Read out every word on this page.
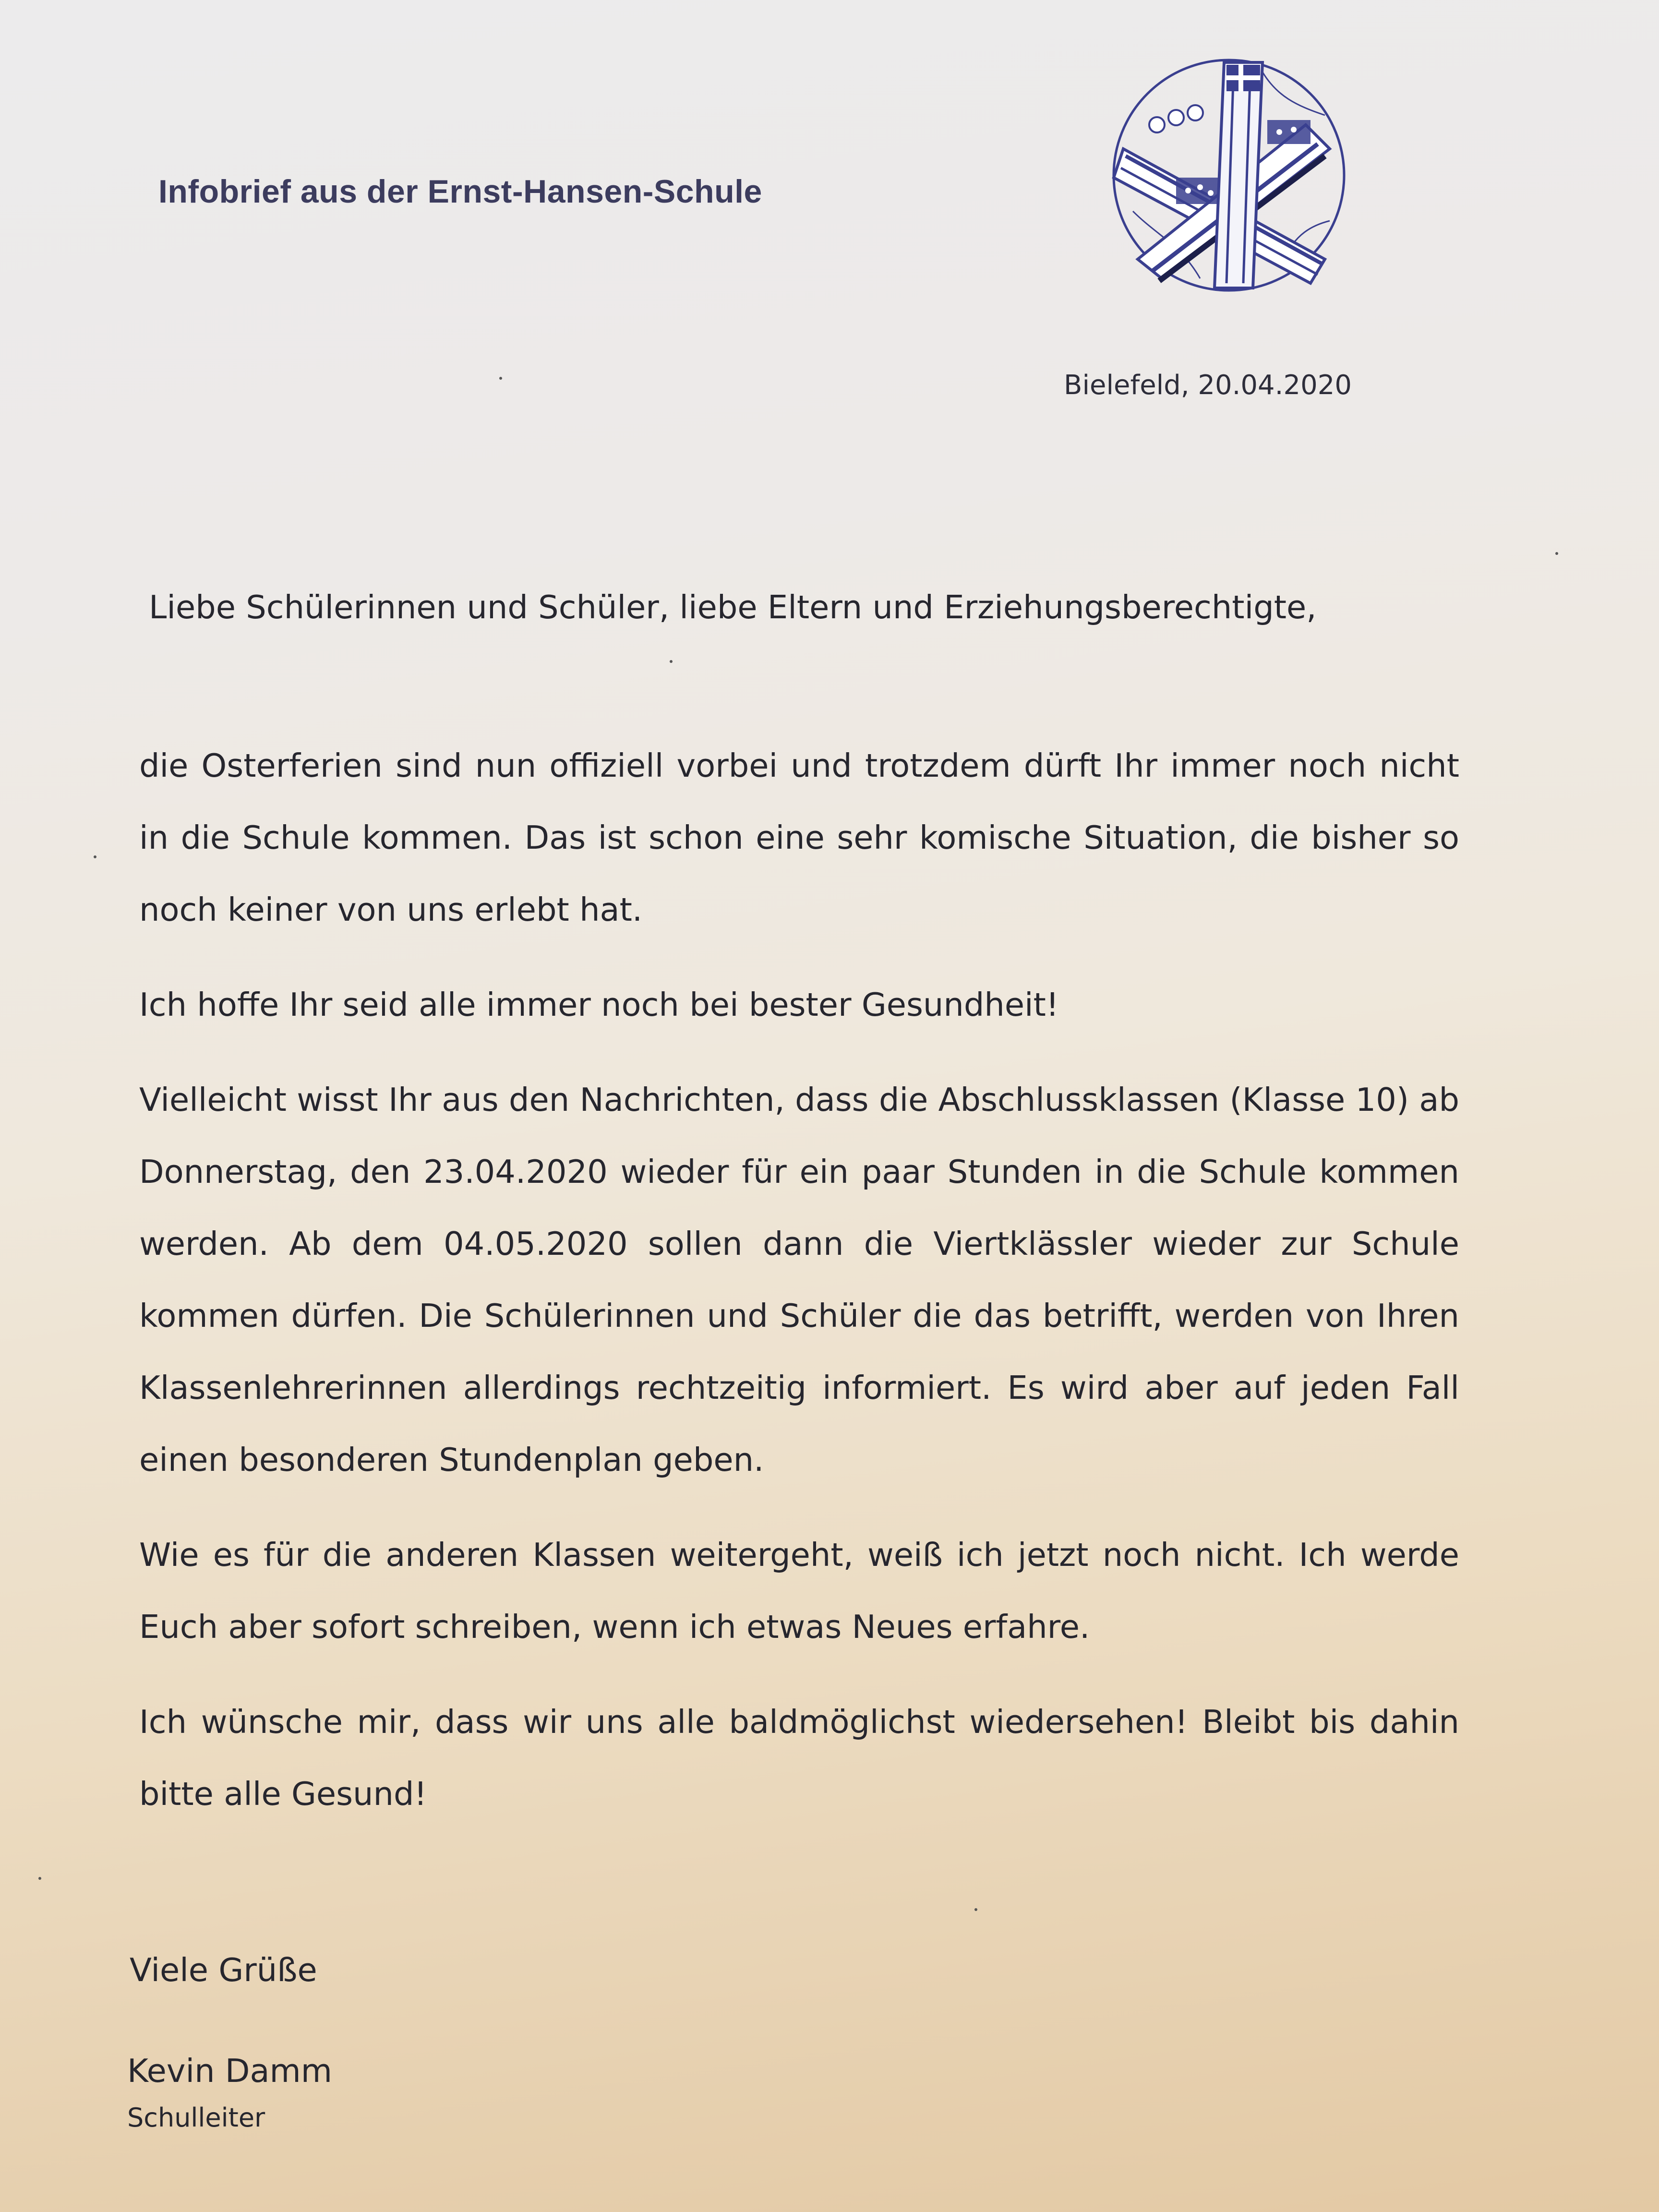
Infobrief aus der Ernst-Hansen-Schule
Bielefeld, 20.04.2020
Liebe Schülerinnen und Schüler, liebe Eltern und Erziehungsberechtigte,

die Osterferien sind nun offiziell vorbei und trotzdem dürft Ihr immer noch nicht in die Schule kommen. Das ist schon eine sehr komische Situation, die bisher so noch keiner von uns erlebt hat.

Ich hoffe Ihr seid alle immer noch bei bester Gesundheit!

Vielleicht wisst Ihr aus den Nachrichten, dass die Abschlussklassen (Klasse 10) ab Donnerstag, den 23.04.2020 wieder für ein paar Stunden in die Schule kommen werden. Ab dem 04.05.2020 sollen dann die Viertklässler wieder zur Schule kommen dürfen. Die Schülerinnen und Schüler die das betrifft, werden von Ihren Klassenlehrerinnen allerdings rechtzeitig informiert. Es wird aber auf jeden Fall einen besonderen Stundenplan geben.

Wie es für die anderen Klassen weitergeht, weiß ich jetzt noch nicht. Ich werde Euch aber sofort schreiben, wenn ich etwas Neues erfahre.

Ich wünsche mir, dass wir uns alle baldmöglichst wiedersehen! Bleibt bis dahin bitte alle Gesund!

Viele Grüße
Kevin Damm
Schulleiter
